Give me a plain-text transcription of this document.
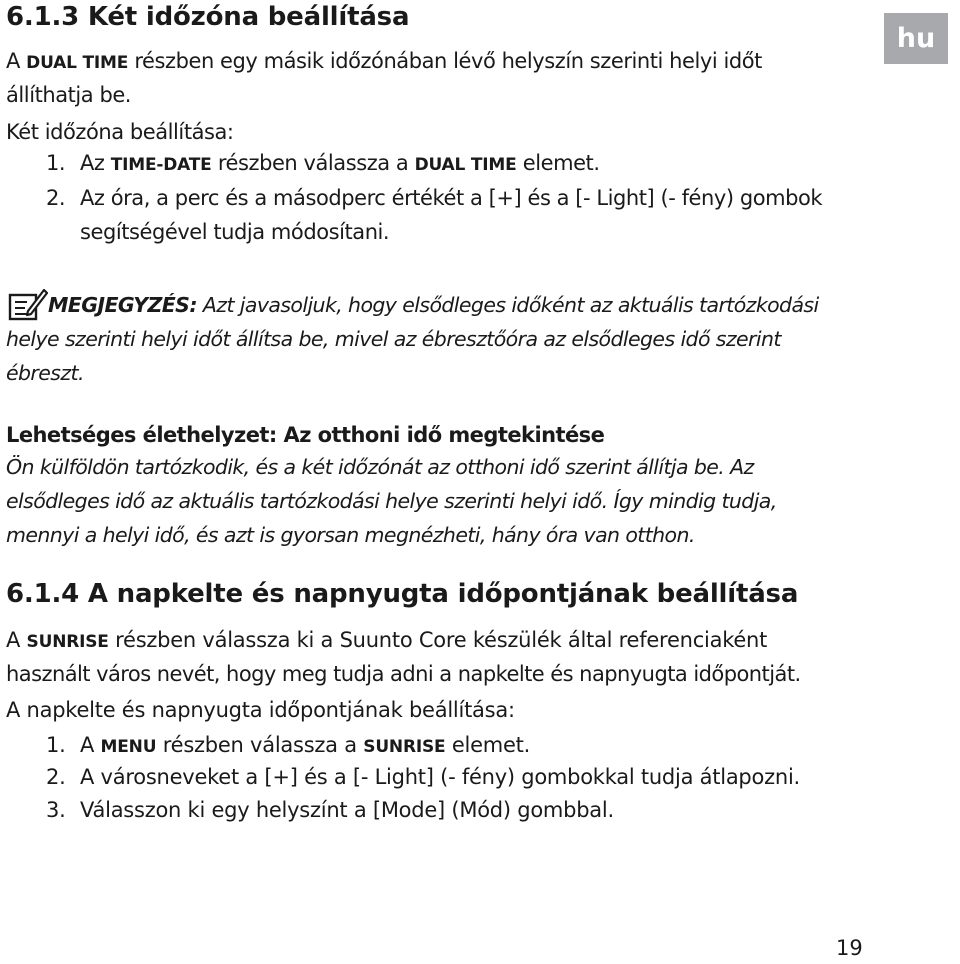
hu
6.1.3 Két időzóna beállítása
A DUAL TIME részben egy másik időzónában lévő helyszín szerinti helyi időt
állíthatja be.
Két időzóna beállítása:
1. Az TIME-DATE részben válassza a DUAL TIME elemet.
2. Az óra, a perc és a másodperc értékét a [+] és a [- Light] (- fény) gombok
segítségével tudja módosítani.
MEGJEGYZÉS: Azt javasoljuk, hogy elsődleges időként az aktuális tartózkodási
helye szerinti helyi időt állítsa be, mivel az ébresztőóra az elsődleges idő szerint
ébreszt.
Lehetséges élethelyzet: Az otthoni idő megtekintése
Ön külföldön tartózkodik, és a két időzónát az otthoni idő szerint állítja be. Az
elsődleges idő az aktuális tartózkodási helye szerinti helyi idő. Így mindig tudja,
mennyi a helyi idő, és azt is gyorsan megnézheti, hány óra van otthon.
6.1.4 A napkelte és napnyugta időpontjának beállítása
A SUNRISE részben válassza ki a Suunto Core készülék által referenciaként
használt város nevét, hogy meg tudja adni a napkelte és napnyugta időpontját.
A napkelte és napnyugta időpontjának beállítása:
1. A MENU részben válassza a SUNRISE elemet.
2. A városneveket a [+] és a [- Light] (- fény) gombokkal tudja átlapozni.
3. Válasszon ki egy helyszínt a [Mode] (Mód) gombbal.
19
